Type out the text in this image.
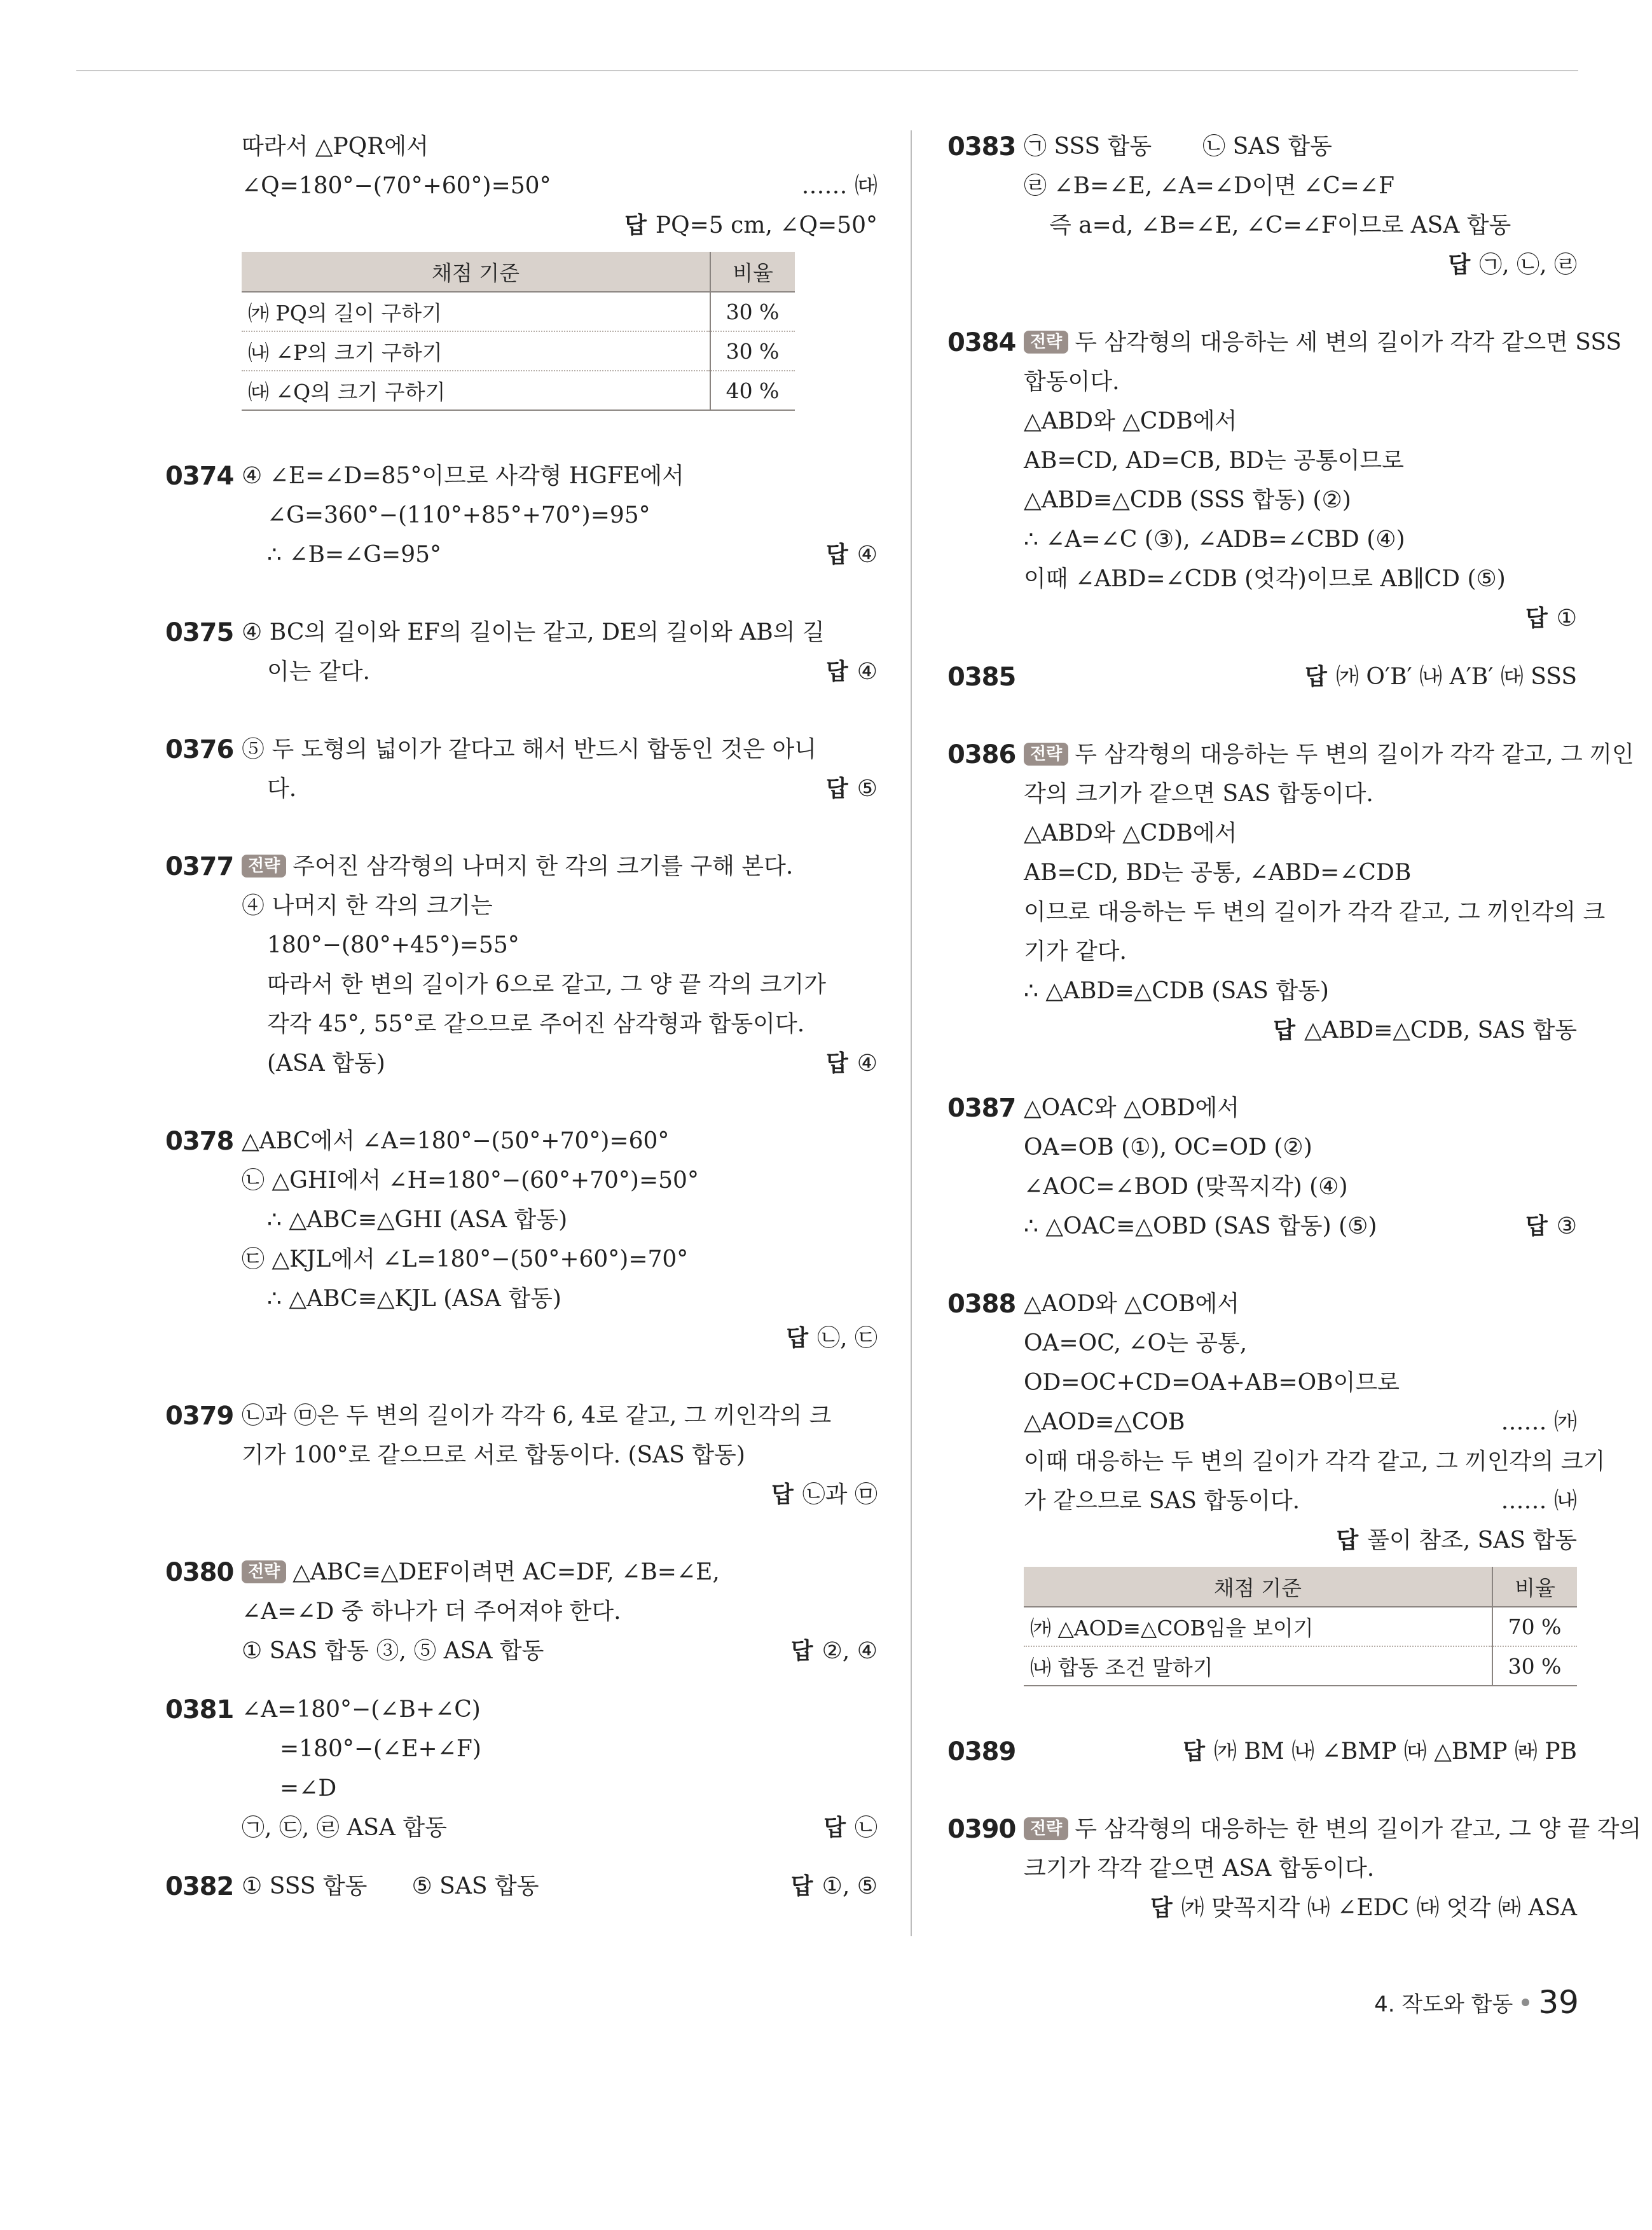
따라서 △PQR에서
∠Q=180°−(70°+60°)=50°	…… ㈐
답 PQ=5 cm, ∠Q=50°
채점 기준	비율
㈎ PQ의 길이 구하기	30 %
㈏ ∠P의 크기 구하기	30 %
㈐ ∠Q의 크기 구하기	40 %
0374 ④ ∠E=∠D=85°이므로 사각형 HGFE에서
∠G=360°−(110°+85°+70°)=95°
∴ ∠B=∠G=95°	답 ④
0375 ④ BC의 길이와 EF의 길이는 같고, DE의 길이와 AB의 길
이는 같다.	답 ④
0376 ⑤ 두 도형의 넓이가 같다고 해서 반드시 합동인 것은 아니
다.	답 ⑤
0377 전략 주어진 삼각형의 나머지 한 각의 크기를 구해 본다.
④ 나머지 한 각의 크기는
180°−(80°+45°)=55°
따라서 한 변의 길이가 6으로 같고, 그 양 끝 각의 크기가
각각 45°, 55°로 같으므로 주어진 삼각형과 합동이다.
(ASA 합동)	답 ④
0378 △ABC에서 ∠A=180°−(50°+70°)=60°
㉡ △GHI에서 ∠H=180°−(60°+70°)=50°
∴ △ABC≡△GHI (ASA 합동)
㉢ △KJL에서 ∠L=180°−(50°+60°)=70°
∴ △ABC≡△KJL (ASA 합동)
답 ㉡, ㉢
0379 ㉡과 ㉤은 두 변의 길이가 각각 6, 4로 같고, 그 끼인각의 크
기가 100°로 같으므로 서로 합동이다. (SAS 합동)
답 ㉡과 ㉤
0380 전략 △ABC≡△DEF이려면 AC=DF, ∠B=∠E,
∠A=∠D 중 하나가 더 주어져야 한다.
① SAS 합동 ③, ⑤ ASA 합동	답 ②, ④
0381 ∠A=180°−(∠B+∠C)
=180°−(∠E+∠F)
=∠D
㉠, ㉢, ㉣ ASA 합동	답 ㉡
0382 ① SSS 합동 ⑤ SAS 합동	답 ①, ⑤
0383 ㉠ SSS 합동 ㉡ SAS 합동
㉣ ∠B=∠E, ∠A=∠D이면 ∠C=∠F
즉 a=d, ∠B=∠E, ∠C=∠F이므로 ASA 합동
답 ㉠, ㉡, ㉣
0384 전략 두 삼각형의 대응하는 세 변의 길이가 각각 같으면 SSS
합동이다.
△ABD와 △CDB에서
AB=CD, AD=CB, BD는 공통이므로
△ABD≡△CDB (SSS 합동) (②)
∴ ∠A=∠C (③), ∠ADB=∠CBD (④)
이때 ∠ABD=∠CDB (엇각)이므로 AB∥CD (⑤)
답 ①
0385	답 ㈎ O′B′ ㈏ A′B′ ㈐ SSS
0386 전략 두 삼각형의 대응하는 두 변의 길이가 각각 같고, 그 끼인
각의 크기가 같으면 SAS 합동이다.
△ABD와 △CDB에서
AB=CD, BD는 공통, ∠ABD=∠CDB
이므로 대응하는 두 변의 길이가 각각 같고, 그 끼인각의 크
기가 같다.
∴ △ABD≡△CDB (SAS 합동)
답 △ABD≡△CDB, SAS 합동
0387 △OAC와 △OBD에서
OA=OB (①), OC=OD (②)
∠AOC=∠BOD (맞꼭지각) (④)
∴ △OAC≡△OBD (SAS 합동) (⑤)	답 ③
0388 △AOD와 △COB에서
OA=OC, ∠O는 공통,
OD=OC+CD=OA+AB=OB이므로
△AOD≡△COB	…… ㈎
이때 대응하는 두 변의 길이가 각각 같고, 그 끼인각의 크기
가 같으므로 SAS 합동이다.	…… ㈏
답 풀이 참조, SAS 합동
채점 기준	비율
㈎ △AOD≡△COB임을 보이기	70 %
㈏ 합동 조건 말하기	30 %
0389	답 ㈎ BM ㈏ ∠BMP ㈐ △BMP ㈑ PB
0390 전략 두 삼각형의 대응하는 한 변의 길이가 같고, 그 양 끝 각의
크기가 각각 같으면 ASA 합동이다.
답 ㈎ 맞꼭지각 ㈏ ∠EDC ㈐ 엇각 ㈑ ASA
4. 작도와 합동 39
